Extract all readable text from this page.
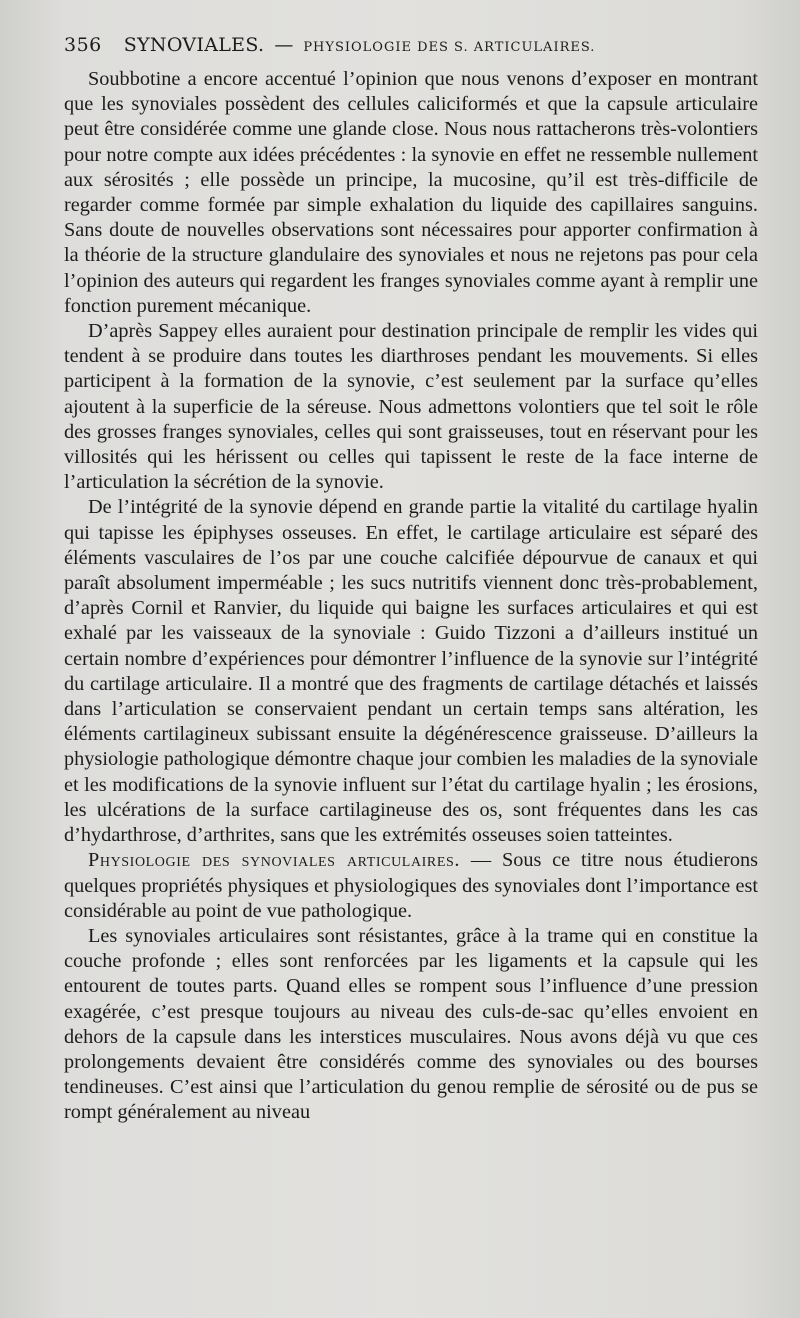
356 SYNOVIALES. — PHYSIOLOGIE DES S. ARTICULAIRES.

Soubbotine a encore accentué l’opinion que nous venons d’exposer en montrant que les synoviales possèdent des cellules caliciformés et que la capsule articulaire peut être considérée comme une glande close. Nous nous rattacherons très-volontiers pour notre compte aux idées précédentes : la synovie en effet ne ressemble nullement aux sérosités ; elle possède un principe, la mucosine, qu’il est très-difficile de regarder comme formée par simple exhalation du liquide des capillaires sanguins. Sans doute de nouvelles observations sont nécessaires pour apporter confirmation à la théorie de la structure glandulaire des synoviales et nous ne rejetons pas pour cela l’opinion des auteurs qui regardent les franges synoviales comme ayant à remplir une fonction purement mécanique.

D’après Sappey elles auraient pour destination principale de remplir les vides qui tendent à se produire dans toutes les diarthroses pendant les mouvements. Si elles participent à la formation de la synovie, c’est seulement par la surface qu’elles ajoutent à la superficie de la séreuse. Nous admettons volontiers que tel soit le rôle des grosses franges synoviales, celles qui sont graisseuses, tout en réservant pour les villosités qui les hérissent ou celles qui tapissent le reste de la face interne de l’articulation la sécrétion de la synovie.

De l’intégrité de la synovie dépend en grande partie la vitalité du cartilage hyalin qui tapisse les épiphyses osseuses. En effet, le cartilage articulaire est séparé des éléments vasculaires de l’os par une couche calcifiée dépourvue de canaux et qui paraît absolument imperméable ; les sucs nutritifs viennent donc très-probablement, d’après Cornil et Ranvier, du liquide qui baigne les surfaces articulaires et qui est exhalé par les vaisseaux de la synoviale : Guido Tizzoni a d’ailleurs institué un certain nombre d’expériences pour démontrer l’influence de la synovie sur l’intégrité du cartilage articulaire. Il a montré que des fragments de cartilage détachés et laissés dans l’articulation se conservaient pendant un certain temps sans altération, les éléments cartilagineux subissant ensuite la dégénérescence graisseuse. D’ailleurs la physiologie pathologique démontre chaque jour combien les maladies de la synoviale et les modifications de la synovie influent sur l’état du cartilage hyalin ; les érosions, les ulcérations de la surface cartilagineuse des os, sont fréquentes dans les cas d’hydarthrose, d’arthrites, sans que les extrémités osseuses soien tatteintes.

Physiologie des synoviales articulaires. — Sous ce titre nous étudierons quelques propriétés physiques et physiologiques des synoviales dont l’importance est considérable au point de vue pathologique.

Les synoviales articulaires sont résistantes, grâce à la trame qui en constitue la couche profonde ; elles sont renforcées par les ligaments et la capsule qui les entourent de toutes parts. Quand elles se rompent sous l’influence d’une pression exagérée, c’est presque toujours au niveau des culs-de-sac qu’elles envoient en dehors de la capsule dans les interstices musculaires. Nous avons déjà vu que ces prolongements devaient être considérés comme des synoviales ou des bourses tendineuses. C’est ainsi que l’articulation du genou remplie de sérosité ou de pus se rompt généralement au niveau
